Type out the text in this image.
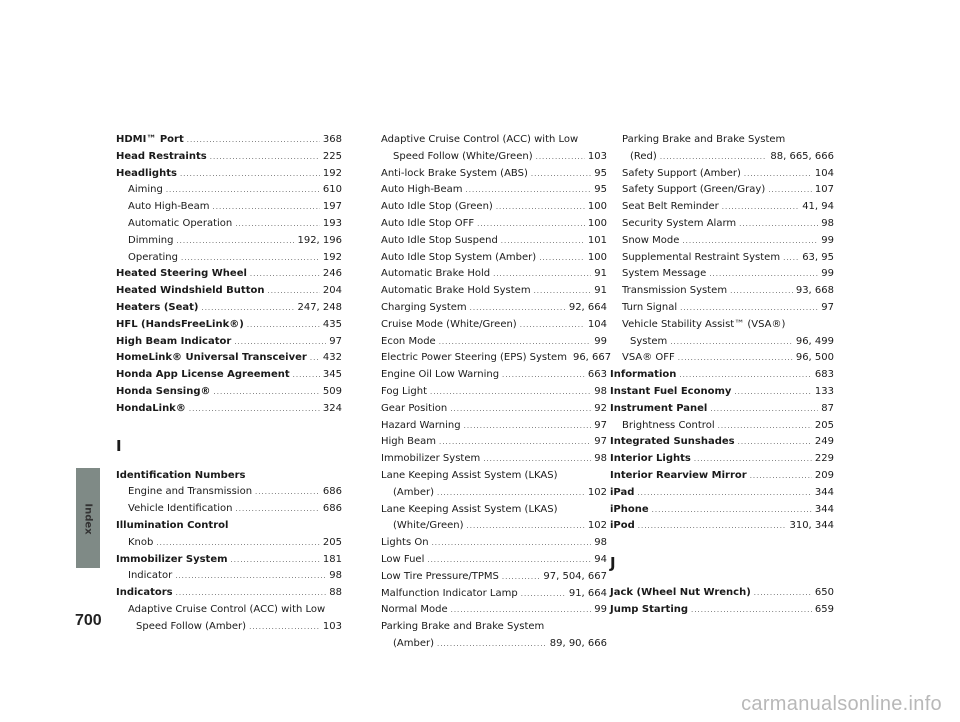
Index
700
HDMI™ Port .....	368
Head Restraints .....	225
Headlights .....	192
Aiming .....	610
Auto High-Beam .....	197
Automatic Operation .....	193
Dimming .....	192, 196
Operating .....	192
Heated Steering Wheel .....	246
Heated Windshield Button .....	204
Heaters (Seat) .....	247, 248
HFL (HandsFreeLink®) .....	435
High Beam Indicator .....	97
HomeLink® Universal Transceiver ..... 432
Honda App License Agreement .....	345
Honda Sensing® .....	509
HondaLink® .....	324
I
Identification Numbers
Engine and Transmission .....	686
Vehicle Identification .....	686
Illumination Control
Knob .....	205
Immobilizer System .....	181
Indicator .....	98
Indicators .....	88
Adaptive Cruise Control (ACC) with Low
Speed Follow (Amber) .....	103
Adaptive Cruise Control (ACC) with Low
Speed Follow (White/Green) .....	103
Anti-lock Brake System (ABS) .....	95
Auto High-Beam .....	95
Auto Idle Stop (Green) .....	100
Auto Idle Stop OFF .....	100
Auto Idle Stop Suspend .....	101
Auto Idle Stop System (Amber) .....	100
Automatic Brake Hold .....	91
Automatic Brake Hold System .....	91
Charging System .....	92, 664
Cruise Mode (White/Green) .....	104
Econ Mode .....	99
Electric Power Steering (EPS) System 96, 667
Engine Oil Low Warning .....	663
Fog Light .....	98
Gear Position .....	92
Hazard Warning .....	97
High Beam .....	97
Immobilizer System .....	98
Lane Keeping Assist System (LKAS)
(Amber) .....	102
Lane Keeping Assist System (LKAS)
(White/Green) .....	102
Lights On .....	98
Low Fuel .....	94
Low Tire Pressure/TPMS .....	97, 504, 667
Malfunction Indicator Lamp .....	91, 664
Normal Mode .....	99
Parking Brake and Brake System
(Amber) .....	89, 90, 666
Parking Brake and Brake System
(Red) .....	88, 665, 666
Safety Support (Amber) .....	104
Safety Support (Green/Gray) .....	107
Seat Belt Reminder .....	41, 94
Security System Alarm .....	98
Snow Mode .....	99
Supplemental Restraint System ..... 63, 95
System Message .....	99
Transmission System .....	93, 668
Turn Signal .....	97
Vehicle Stability Assist™ (VSA®)
System .....	96, 499
VSA® OFF .....	96, 500
Information .....	683
Instant Fuel Economy .....	133
Instrument Panel .....	87
Brightness Control .....	205
Integrated Sunshades .....	249
Interior Lights .....	229
Interior Rearview Mirror .....	209
iPad .....	344
iPhone .....	344
iPod .....	310, 344
J
Jack (Wheel Nut Wrench) .....	650
Jump Starting .....	659
carmanualsonline.info
